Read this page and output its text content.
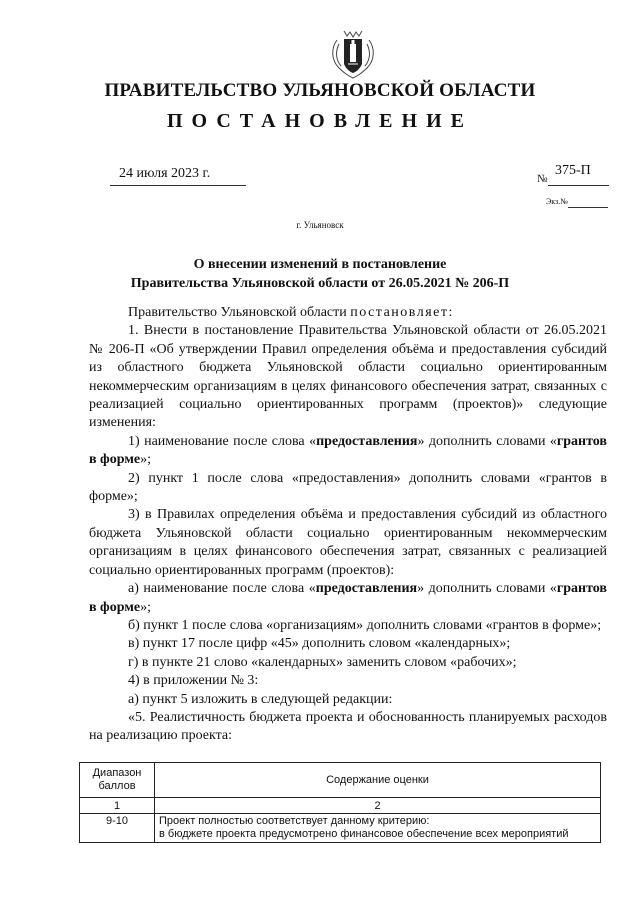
ПРАВИТЕЛЬСТВО УЛЬЯНОВСКОЙ ОБЛАСТИ
ПОСТАНОВЛЕНИЕ
24 июля 2023 г.	№
375-П
Экз.№
г. Ульяновск
О внесении изменений в постановление
Правительства Ульяновской области от 26.05.2021 № 206-П

Правительство Ульяновской области постановляет:

1. Внести в постановление Правительства Ульяновской области от 26.05.2021 № 206-П «Об утверждении Правил определения объёма и предоставления субсидий из областного бюджета Ульяновской области социально ориентированным некоммерческим организациям в целях финансового обеспечения затрат, связанных с реализацией социально ориентированных программ (проектов)» следующие изменения:

1) наименование после слова «предоставления» дополнить словами «грантов в форме»;

2) пункт 1 после слова «предоставления» дополнить словами «грантов в форме»;

3) в Правилах определения объёма и предоставления субсидий из областного бюджета Ульяновской области социально ориентированным некоммерческим организациям в целях финансового обеспечения затрат, связанных с реализацией социально ориентированных программ (проектов):

а) наименование после слова «предоставления» дополнить словами «грантов в форме»;

б) пункт 1 после слова «организациям» дополнить словами «грантов в форме»;

в) пункт 17 после цифр «45» дополнить словом «календарных»;

г) в пункте 21 слово «календарных» заменить словом «рабочих»;

4) в приложении № 3:

а) пункт 5 изложить в следующей редакции:

«5. Реалистичность бюджета проекта и обоснованность планируемых расходов на реализацию проекта:

Диапазон
баллов	Содержание оценки
1	2
9-10	Проект полностью соответствует данному критерию:
в бюджете проекта предусмотрено финансовое обеспечение всех мероприятий
